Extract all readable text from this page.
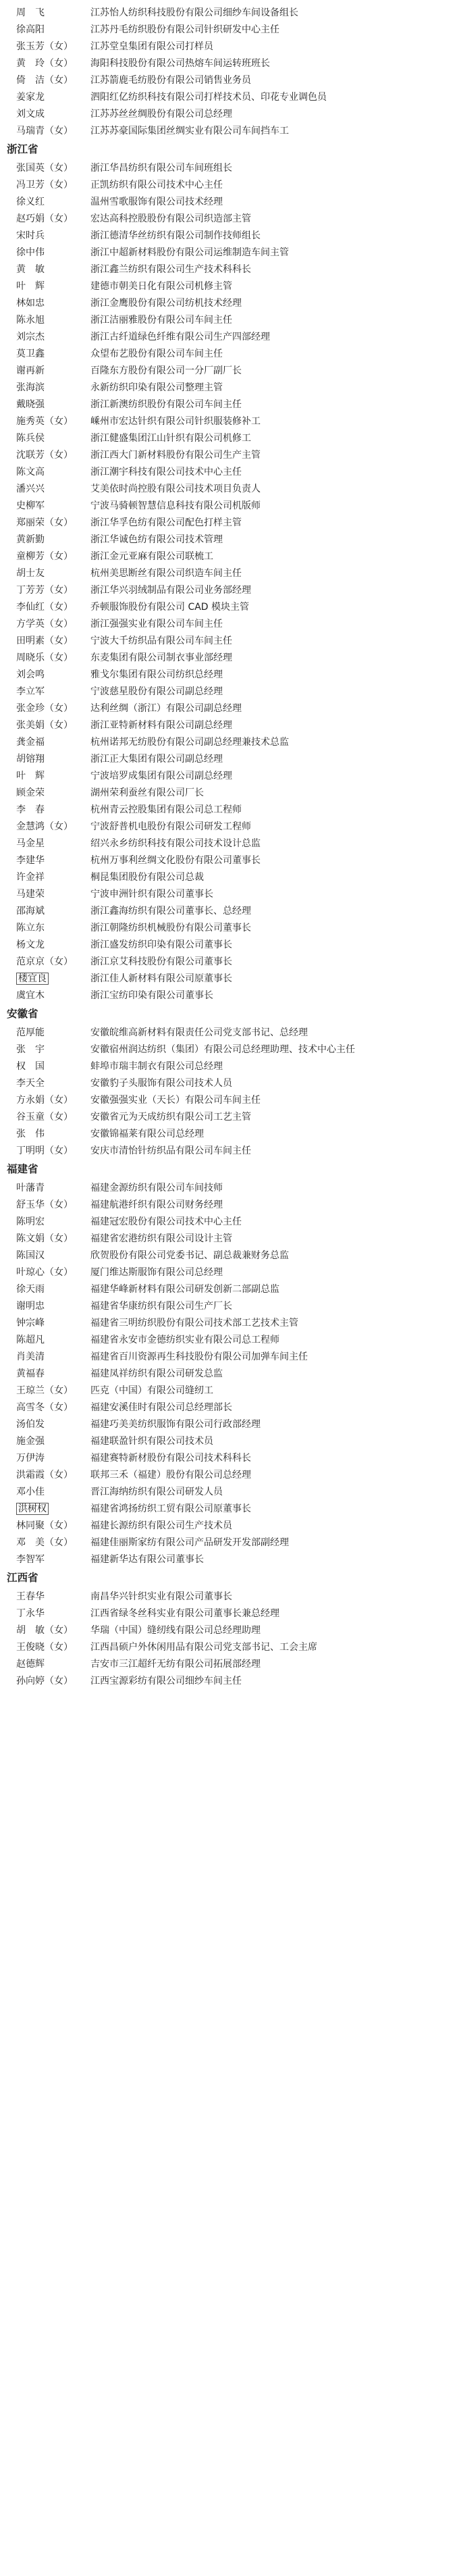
周　飞	江苏怡人纺织科技股份有限公司细纱车间设备组长
徐高阳	江苏丹毛纺织股份有限公司针织研发中心主任
张玉芳（女）	江苏堂皇集团有限公司打样员
黄　玲（女）	海阳科技股份有限公司热熔车间运转班班长
倚　洁（女）	江苏箭鹿毛纺股份有限公司销售业务员
姜家龙	泗阳红亿纺织科技有限公司打样技术员、印花专业调色员
刘文成	江苏苏丝丝绸股份有限公司总经理
马瑞青（女）	江苏苏豪国际集团丝绸实业有限公司车间挡车工
浙江省
张国英（女）	浙江华昌纺织有限公司车间班组长
冯卫芳（女）	正凯纺织有限公司技术中心主任
徐义红	温州雪歌服饰有限公司技术经理
赵巧娟（女）	宏达高科控股股份有限公司织造部主管
宋时兵	浙江德清华丝纺织有限公司制作技师组长
徐中伟	浙江中超新材料股份有限公司运维制造车间主管
黄　敏	浙江鑫兰纺织有限公司生产技术科科长
叶　辉	建德市朝美日化有限公司机修主管
林如忠	浙江金鹰股份有限公司纺机技术经理
陈永旭	浙江洁丽雅股份有限公司车间主任
刘宗杰	浙江古纤道绿色纤维有限公司生产四部经理
莫卫鑫	众望布艺股份有限公司车间主任
谢再新	百隆东方股份有限公司一分厂副厂长
张海滨	永新纺织印染有限公司整理主管
戴晓强	浙江新澳纺织股份有限公司车间主任
施秀英（女）	嵊州市宏达针织有限公司针织服装修补工
陈兵侯	浙江健盛集团江山针织有限公司机修工
沈联芳（女）	浙江西大门新材料股份有限公司生产主管
陈文高	浙江潮宇科技有限公司技术中心主任
潘兴兴	艾美依时尚控股有限公司技术项目负责人
史柳军	宁波马骑顿智慧信息科技有限公司机版师
郑丽荣（女）	浙江华孚色纺有限公司配色打样主管
黄新勤	浙江华诚色纺有限公司技术管理
童柳芳（女）	浙江金元亚麻有限公司联梳工
胡士友	杭州美思断丝有限公司织造车间主任
丁芳芳（女）	浙江华兴羽绒制品有限公司业务部经理
李仙红（女）	乔顿服饰股份有限公司 CAD 模块主管
方学英（女）	浙江强强实业有限公司车间主任
田明素（女）	宁波大千纺织品有限公司车间主任
周晓乐（女）	东麦集团有限公司制衣事业部经理
刘会鸣	雅戈尔集团有限公司纺织总经理
李立军	宁波慈星股份有限公司副总经理
张金珍（女）	达利丝绸（浙江）有限公司副总经理
张美娟（女）	浙江亚特新材料有限公司副总经理
龚金福	杭州诺邦无纺股份有限公司副总经理兼技术总监
胡镕翔	浙江正大集团有限公司副总经理
叶　辉	宁波培罗成集团有限公司副总经理
顾金荣	湖州荣利蚕丝有限公司厂长
李　春	杭州青云控股集团有限公司总工程师
金慧鸿（女）	宁波舒普机电股份有限公司研发工程师
马金星	绍兴永乡纺织科技有限公司技术设计总监
李建华	杭州万事利丝绸文化股份有限公司董事长
许金祥	桐昆集团股份有限公司总裁
马建荣	宁波申洲针织有限公司董事长
邵海斌	浙江鑫海纺织有限公司董事长、总经理
陈立东	浙江朝隆纺织机械股份有限公司董事长
杨文龙	浙江盛发纺织印染有限公司董事长
范京京（女）	浙江京艾科技股份有限公司董事长
楼宜良	浙江佳人新材料有限公司原董事长
虞宜木	浙江宝纺印染有限公司董事长
安徽省
范厚能	安徽皖维高新材料有限责任公司党支部书记、总经理
张　宇	安徽宿州润达纺织（集团）有限公司总经理助理、技术中心主任
权　国	蚌埠市瑞丰制衣有限公司总经理
李天全	安徽豹子头服饰有限公司技术人员
方永娟（女）	安徽强强实业（天长）有限公司车间主任
谷玉童（女）	安徽省元为天成纺织有限公司工艺主管
张　伟	安徽锦福莱有限公司总经理
丁明明（女）	安庆市清怡针纺织品有限公司车间主任
福建省
叶藩青	福建金源纺织有限公司车间技师
舒玉华（女）	福建航港纤织有限公司财务经理
陈明宏	福建冠宏股份有限公司技术中心主任
陈文娟（女）	福建省宏港纺织有限公司设计主管
陈国汉	欣贺股份有限公司党委书记、副总裁兼财务总监
叶琼心（女）	厦门维达斯服饰有限公司总经理
徐天雨	福建华峰新材料有限公司研发创新二部副总监
谢明忠	福建省华康纺织有限公司生产厂长
钟宗峰	福建省三明纺织股份有限公司技术部工艺技术主管
陈超凡	福建省永安市金德纺织实业有限公司总工程师
肖美清	福建省百川资源再生科技股份有限公司加弹车间主任
黄福春	福建凤祥纺织有限公司研发总监
王琼兰（女）	匹克（中国）有限公司缝纫工
高雪冬（女）	福建安溪佳时有限公司总经理部长
汤伯发	福建巧美美纺织服饰有限公司行政部经理
施金强	福建联盈针织有限公司技术员
万伊涛	福建赛特新材股份有限公司技术科科长
洪霜霞（女）	联邦三禾（福建）股份有限公司总经理
邓小佳	晋江海纳纺织有限公司研发人员
洪树权	福建省鸿扬纺织工贸有限公司原董事长
林同聚（女）	福建长源纺织有限公司生产技术员
邓　美（女）	福建佳丽斯家纺有限公司产品研发开发部副经理
李智军	福建新华达有限公司董事长
江西省
王春华	南昌华兴针织实业有限公司董事长
丁永华	江西省绿冬丝科实业有限公司董事长兼总经理
胡　敏（女）	华瑞（中国）缝纫线有限公司总经理助理
王俊晓（女）	江西昌硕户外休闲用品有限公司党支部书记、工会主席
赵德辉	吉安市三江超纤无纺有限公司拓展部经理
孙向婷（女）	江西宝源彩纺有限公司细纱车间主任
